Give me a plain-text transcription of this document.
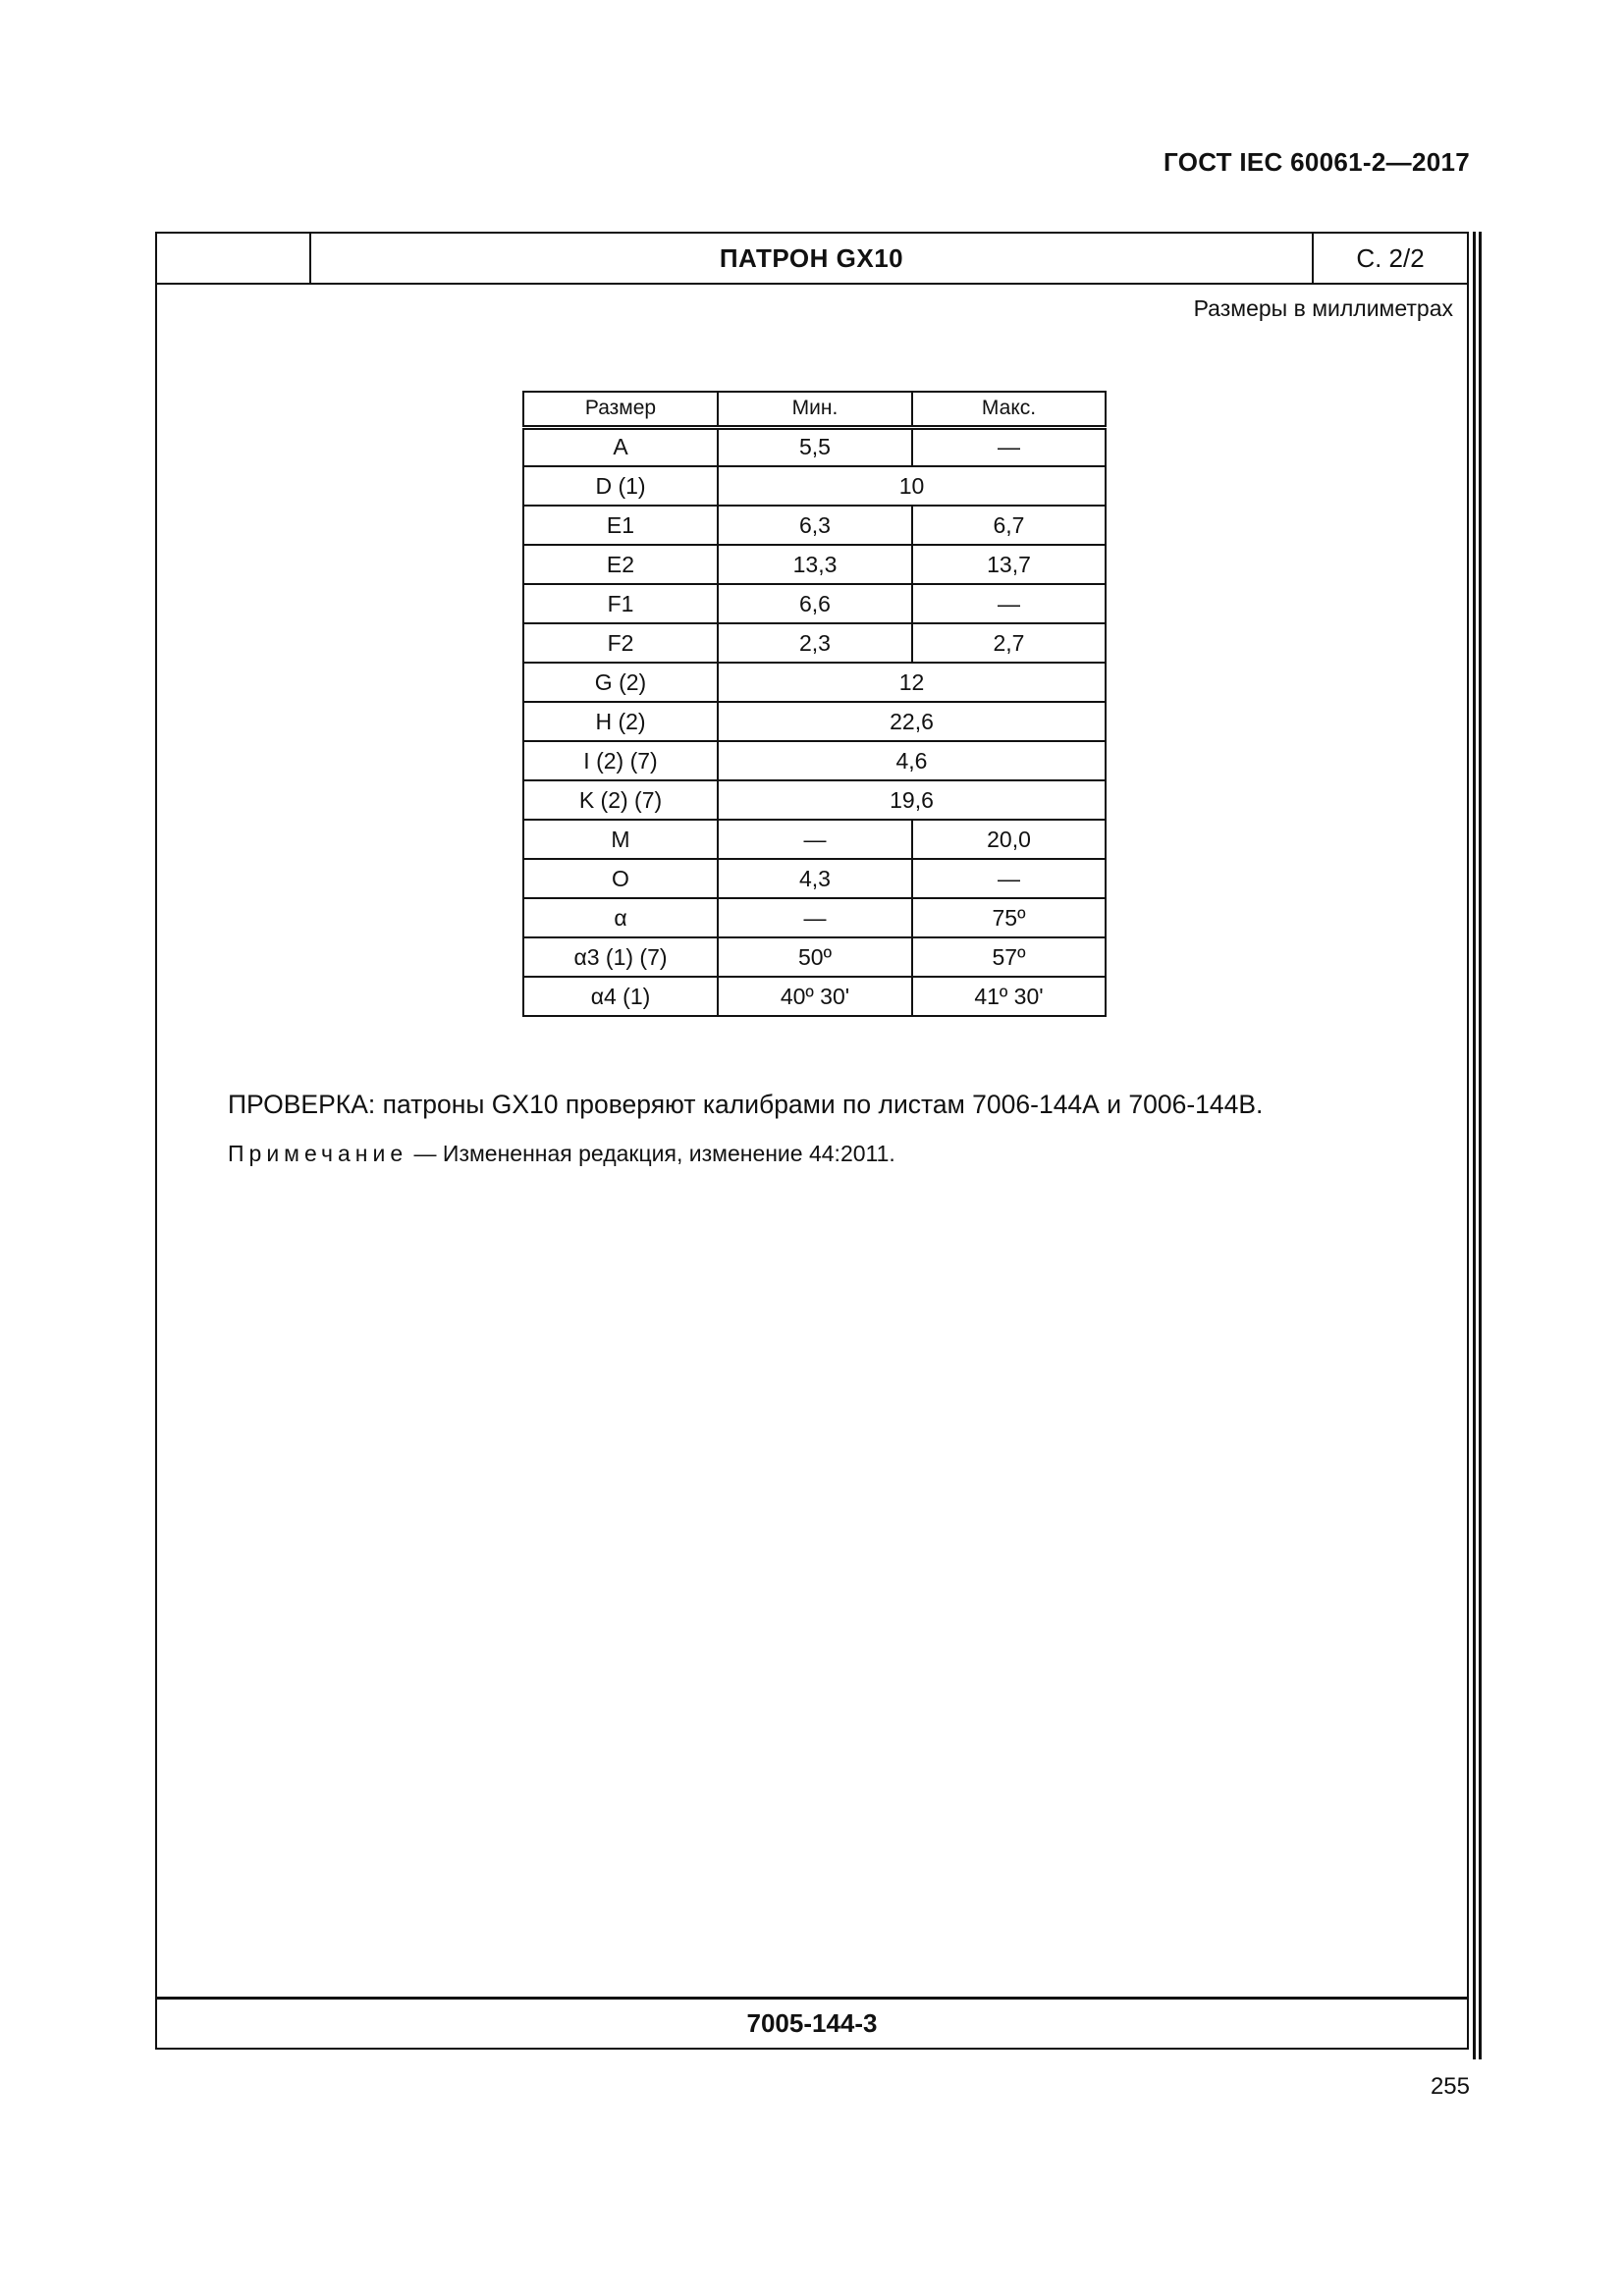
ГОСТ IEC 60061-2—2017
ПАТРОН GX10	С. 2/2
Размеры в миллиметрах
Размер	Мин.	Макс.
A	5,5	—
D (1)	10	
E1	6,3	6,7
E2	13,3	13,7
F1	6,6	—
F2	2,3	2,7
G (2)	12	
H (2)	22,6	
I (2) (7)	4,6	
K (2) (7)	19,6	
M	—	20,0
O	4,3	—
α	—	75º
α3 (1) (7)	50º	57º
α4 (1)	40º 30'	41º 30'
ПРОВЕРКА: патроны GX10 проверяют калибрами по листам 7006-144А и 7006-144В.
Примечание — Измененная редакция, изменение 44:2011.
7005-144-3
255
